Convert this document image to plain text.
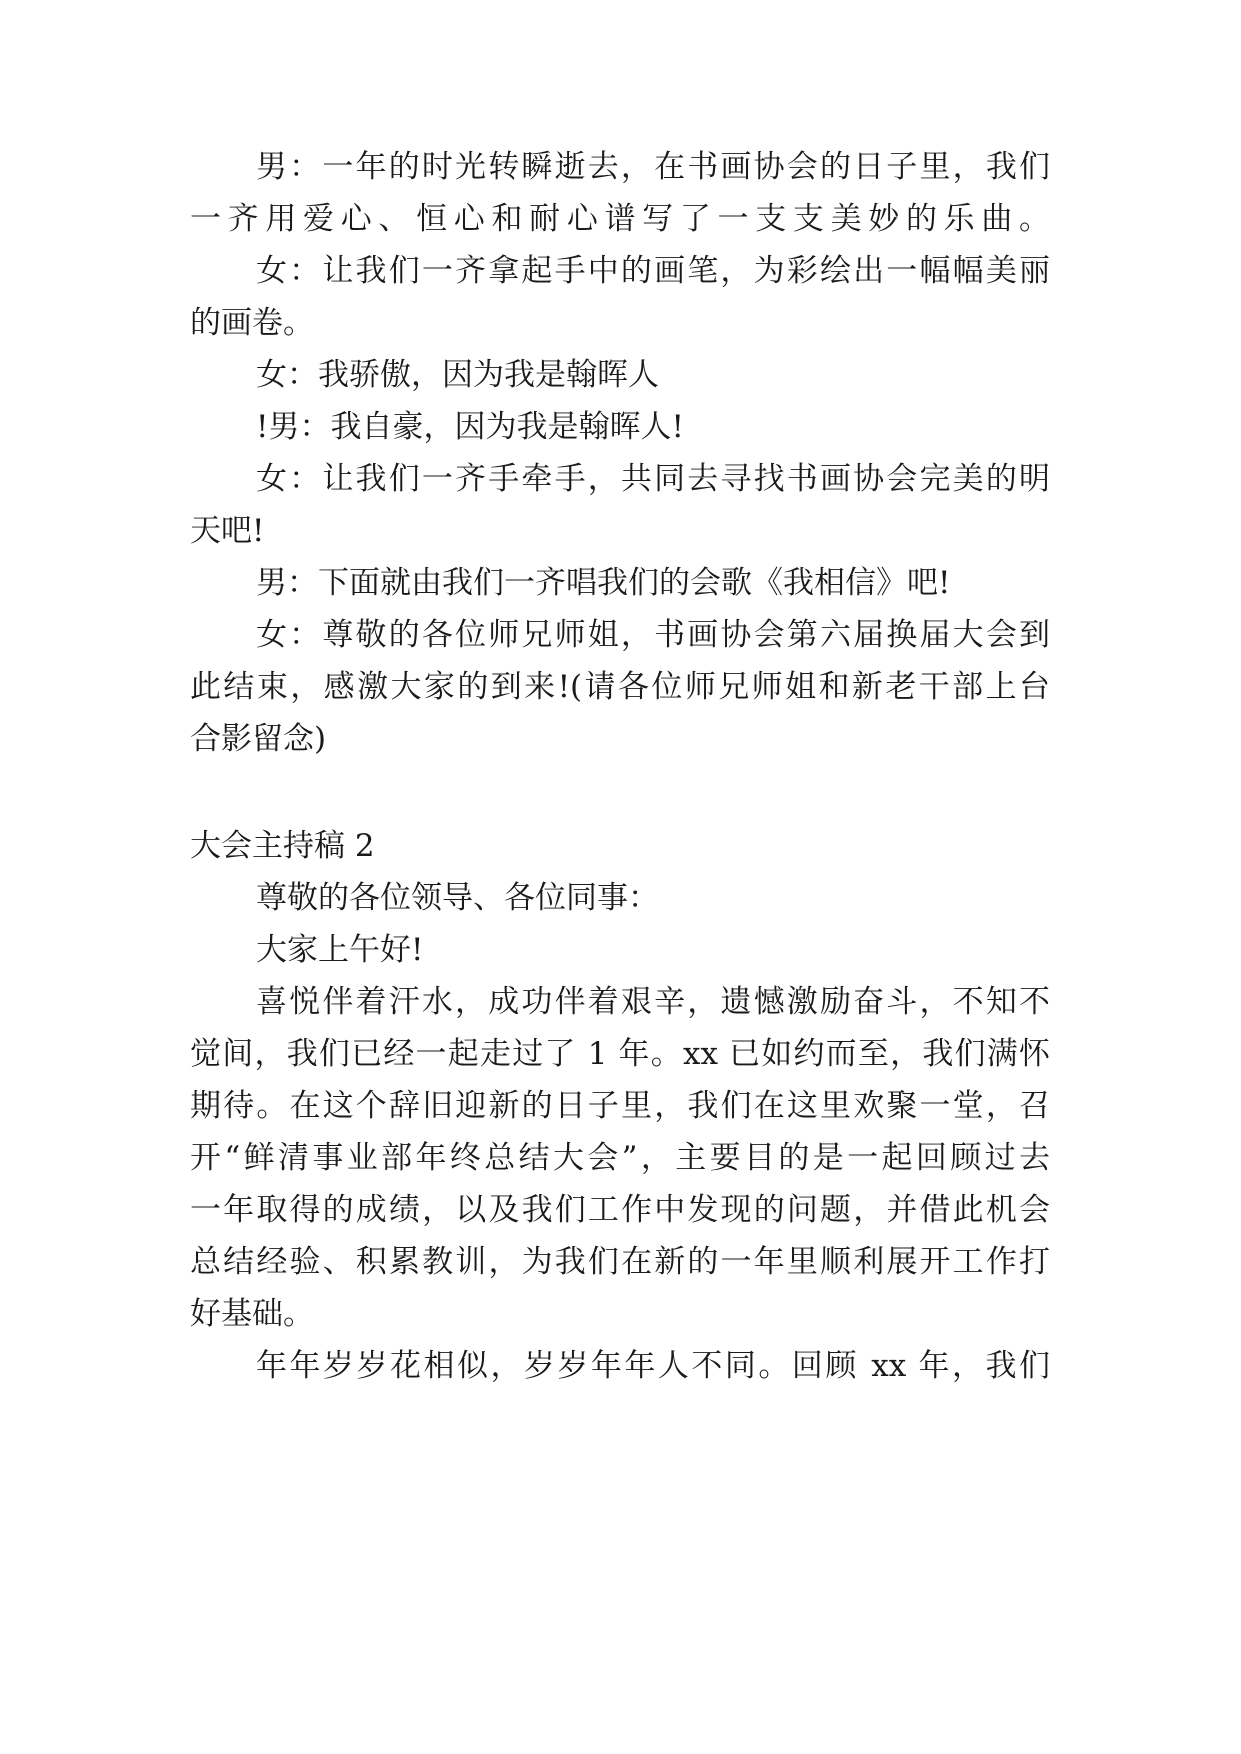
男：一年的时光转瞬逝去，在书画协会的日子里，我们

一齐用爱心、恒心和耐心谱写了一支支美妙的乐曲。

女：让我们一齐拿起手中的画笔，为彩绘出一幅幅美丽

的画卷。

女：我骄傲，因为我是翰晖人

!男：我自豪，因为我是翰晖人!

女：让我们一齐手牵手，共同去寻找书画协会完美的明

天吧!

男：下面就由我们一齐唱我们的会歌《我相信》吧!

女：尊敬的各位师兄师姐，书画协会第六届换届大会到

此结束，感激大家的到来!(请各位师兄师姐和新老干部上台

合影留念)

大会主持稿 2

尊敬的各位领导、各位同事：

大家上午好!

喜悦伴着汗水，成功伴着艰辛，遗憾激励奋斗，不知不

觉间，我们已经一起走过了 1 年。xx 已如约而至，我们满怀

期待。在这个辞旧迎新的日子里，我们在这里欢聚一堂，召

开“鲜清事业部年终总结大会”，主要目的是一起回顾过去

一年取得的成绩，以及我们工作中发现的问题，并借此机会

总结经验、积累教训，为我们在新的一年里顺利展开工作打

好基础。

年年岁岁花相似，岁岁年年人不同。回顾 xx 年，我们
